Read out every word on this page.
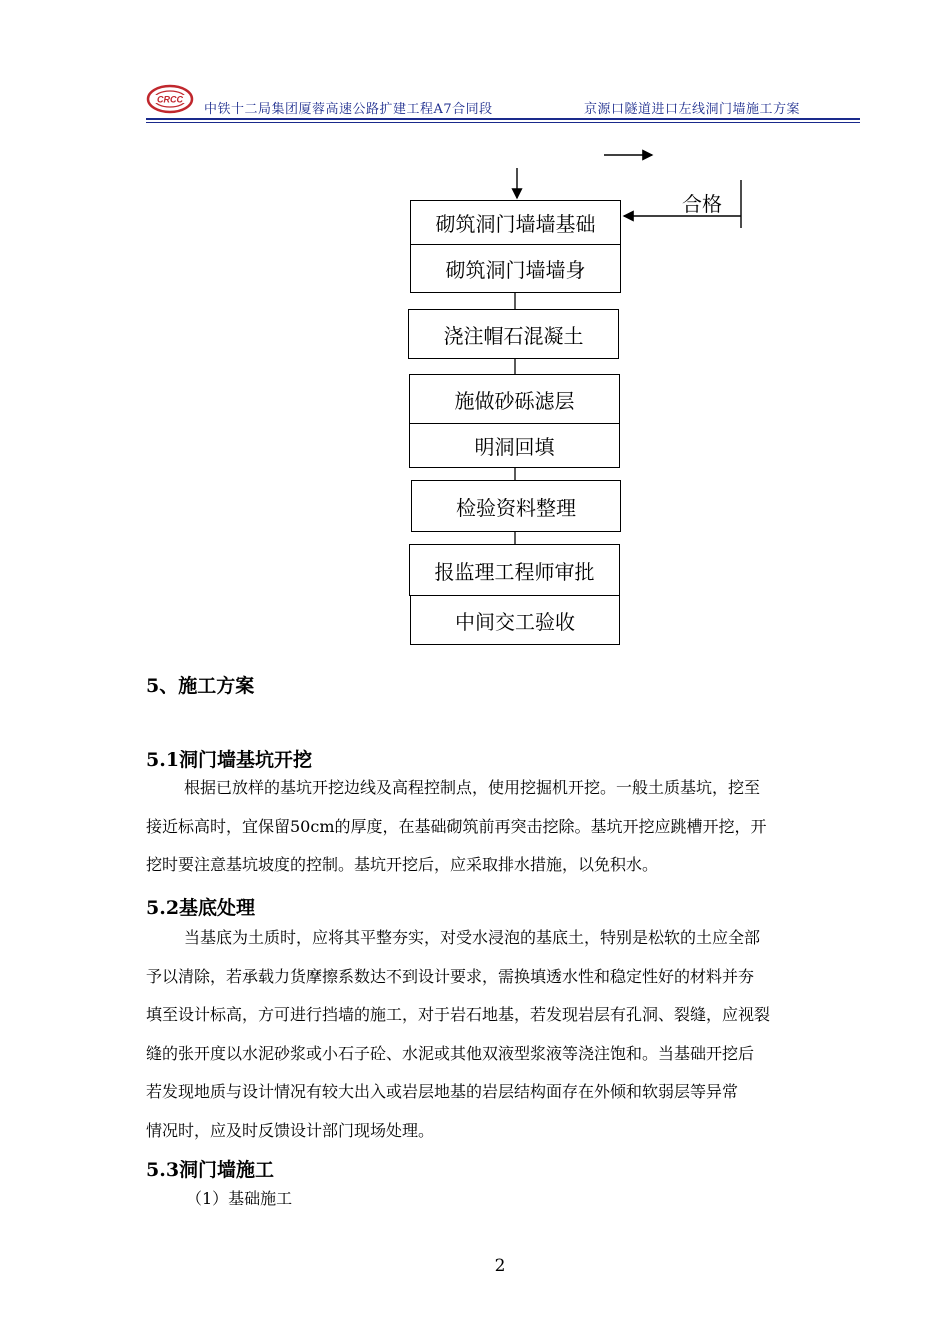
CRCC
中铁十二局集团厦蓉高速公路扩建工程A7合同段	京源口隧道进口左线洞门墙施工方案
合格
砌筑洞门墙墙基础
砌筑洞门墙墙身
浇注帽石混凝土
施做砂砾滤层
明洞回填
检验资料整理
报监理工程师审批
中间交工验收
5、施工方案
5.1洞门墙基坑开挖

根据已放样的基坑开挖边线及高程控制点，使用挖掘机开挖。一般土质基坑，挖至

接近标高时，宜保留50cm的厚度，在基础砌筑前再突击挖除。基坑开挖应跳槽开挖，开

挖时要注意基坑坡度的控制。基坑开挖后，应采取排水措施，以免积水。

5.2基底处理

当基底为土质时，应将其平整夯实，对受水浸泡的基底土，特别是松软的土应全部

予以清除，若承载力货摩擦系数达不到设计要求，需换填透水性和稳定性好的材料并夯

填至设计标高，方可进行挡墙的施工，对于岩石地基，若发现岩层有孔洞、裂缝，应视裂

缝的张开度以水泥砂浆或小石子砼、水泥或其他双液型浆液等浇注饱和。当基础开挖后

若发现地质与设计情况有较大出入或岩层地基的岩层结构面存在外倾和软弱层等异常

情况时，应及时反馈设计部门现场处理。

5.3洞门墙施工
（1）基础施工
2
